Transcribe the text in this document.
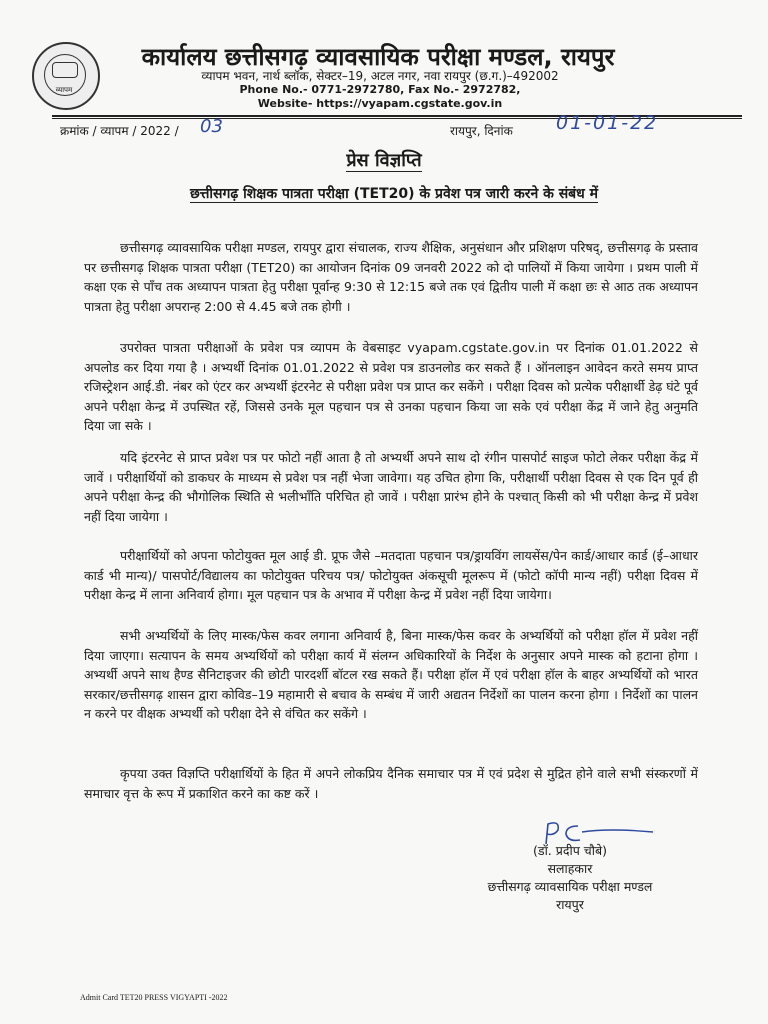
व्यापम
कार्यालय छत्तीसगढ़ व्यावसायिक परीक्षा मण्डल, रायपुर
व्यापम भवन, नार्थ ब्लॉक, सेक्टर–19, अटल नगर, नवा रायपुर (छ.ग.)–492002
Phone No.- 0771-2972780, Fax No.- 2972782,
Website- https://vyapam.cgstate.gov.in
क्रमांक / व्यापम / 2022 / 03	रायपुर, दिनांक 01-01-22
प्रेस विज्ञप्ति
छत्तीसगढ़ शिक्षक पात्रता परीक्षा (TET20) के प्रवेश पत्र जारी करने के संबंध में

छत्तीसगढ़ व्यावसायिक परीक्षा मण्डल, रायपुर द्वारा संचालक, राज्य शैक्षिक, अनुसंधान और प्रशिक्षण परिषद्, छत्तीसगढ़ के प्रस्ताव पर छत्तीसगढ़ शिक्षक पात्रता परीक्षा (TET20) का आयोजन दिनांक 09 जनवरी 2022 को दो पालियों में किया जायेगा । प्रथम पाली में कक्षा एक से पाँच तक अध्यापन पात्रता हेतु परीक्षा पूर्वान्ह 9:30 से 12:15 बजे तक एवं द्वितीय पाली में कक्षा छः से आठ तक अध्यापन पात्रता हेतु परीक्षा अपरान्ह 2:00 से 4.45 बजे तक होगी ।

उपरोक्त पात्रता परीक्षाओं के प्रवेश पत्र व्यापम के वेबसाइट vyapam.cgstate.gov.in पर दिनांक 01.01.2022 से अपलोड कर दिया गया है । अभ्यर्थी दिनांक 01.01.2022 से प्रवेश पत्र डाउनलोड कर सकते हैं । ऑनलाइन आवेदन करते समय प्राप्त रजिस्ट्रेशन आई.डी. नंबर को एंटर कर अभ्यर्थी इंटरनेट से परीक्षा प्रवेश पत्र प्राप्त कर सकेंगे । परीक्षा दिवस को प्रत्येक परीक्षार्थी डेढ़ घंटे पूर्व अपने परीक्षा केन्द्र में उपस्थित रहें, जिससे उनके मूल पहचान पत्र से उनका पहचान किया जा सके एवं परीक्षा केंद्र में जाने हेतु अनुमति दिया जा सके ।

यदि इंटरनेट से प्राप्त प्रवेश पत्र पर फोटो नहीं आता है तो अभ्यर्थी अपने साथ दो रंगीन पासपोर्ट साइज फोटो लेकर परीक्षा केंद्र में जावें । परीक्षार्थियों को डाकघर के माध्यम से प्रवेश पत्र नहीं भेजा जावेगा। यह उचित होगा कि, परीक्षार्थी परीक्षा दिवस से एक दिन पूर्व ही अपने परीक्षा केन्द्र की भौगोलिक स्थिति से भलीभाँति परिचित हो जावें । परीक्षा प्रारंभ होने के पश्चात् किसी को भी परीक्षा केन्द्र में प्रवेश नहीं दिया जायेगा ।

परीक्षार्थियों को अपना फोटोयुक्त मूल आई डी. प्रूफ जैसे –मतदाता पहचान पत्र/ड्रायविंग लायसेंस/पेन कार्ड/आधार कार्ड (ई–आधार कार्ड भी मान्य)/ पासपोर्ट/विद्यालय का फोटोयुक्त परिचय पत्र/ फोटोयुक्त अंकसूची मूलरूप में (फोटो कॉपी मान्य नहीं) परीक्षा दिवस में परीक्षा केन्द्र में लाना अनिवार्य होगा। मूल पहचान पत्र के अभाव में परीक्षा केन्द्र में प्रवेश नहीं दिया जायेगा।

सभी अभ्यर्थियों के लिए मास्क/फेस कवर लगाना अनिवार्य है, बिना मास्क/फेस कवर के अभ्यर्थियों को परीक्षा हॉल में प्रवेश नहीं दिया जाएगा। सत्यापन के समय अभ्यर्थियों को परीक्षा कार्य में संलग्न अधिकारियों के निर्देश के अनुसार अपने मास्क को हटाना होगा । अभ्यर्थी अपने साथ हैण्ड सैनिटाइजर की छोटी पारदर्शी बॉटल रख सकते हैं। परीक्षा हॉल में एवं परीक्षा हॉल के बाहर अभ्यर्थियों को भारत सरकार/छत्तीसगढ़ शासन द्वारा कोविड–19 महामारी से बचाव के सम्बंध में जारी अद्यतन निर्देशों का पालन करना होगा । निर्देशों का पालन न करने पर वीक्षक अभ्यर्थी को परीक्षा देने से वंचित कर सकेंगे ।

कृपया उक्त विज्ञप्ति परीक्षार्थियों के हित में अपने लोकप्रिय दैनिक समाचार पत्र में एवं प्रदेश से मुद्रित होने वाले सभी संस्करणों में समाचार वृत्त के रूप में प्रकाशित करने का कष्ट करें ।

(डॉ. प्रदीप चौबे)
सलाहकार
छत्तीसगढ़ व्यावसायिक परीक्षा मण्डल
रायपुर
Admit Card TET20 PRESS VIGYAPTI -2022
